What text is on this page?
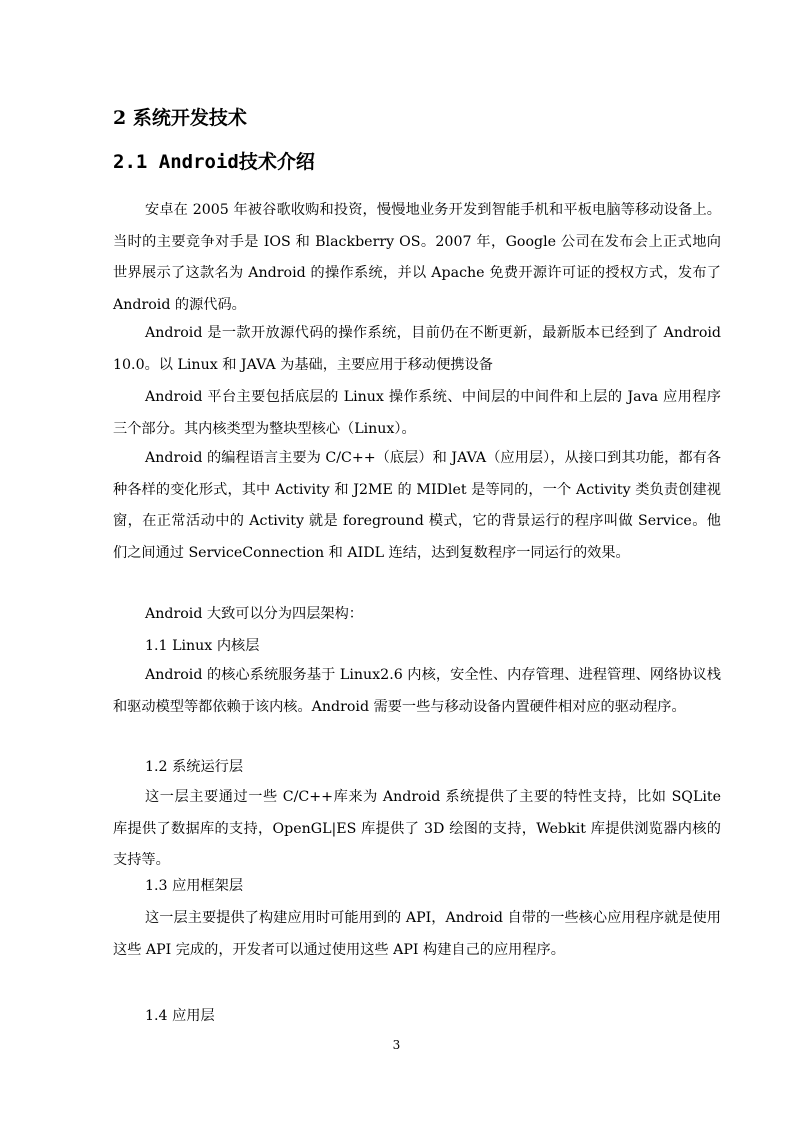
2 系统开发技术
2.1 Android技术介绍

安卓在 2005 年被谷歌收购和投资，慢慢地业务开发到智能手机和平板电脑等移动设备上。当时的主要竞争对手是 IOS 和 Blackberry OS。2007 年，Google 公司在发布会上正式地向世界展示了这款名为 Android 的操作系统，并以 Apache 免费开源许可证的授权方式，发布了 Android 的源代码。

Android 是一款开放源代码的操作系统，目前仍在不断更新，最新版本已经到了 Android 10.0。以 Linux 和 JAVA 为基础，主要应用于移动便携设备

Android 平台主要包括底层的 Linux 操作系统、中间层的中间件和上层的 Java 应用程序三个部分。其内核类型为整块型核心（Linux）。

Android 的编程语言主要为 C/C++（底层）和 JAVA（应用层），从接口到其功能，都有各种各样的变化形式，其中 Activity 和 J2ME 的 MIDlet 是等同的，一个 Activity 类负责创建视窗，在正常活动中的 Activity 就是 foreground 模式，它的背景运行的程序叫做 Service。他们之间通过 ServiceConnection 和 AIDL 连结，达到复数程序一同运行的效果。

Android 大致可以分为四层架构：

1.1 Linux 内核层

Android 的核心系统服务基于 Linux2.6 内核，安全性、内存管理、进程管理、网络协议栈和驱动模型等都依赖于该内核。Android 需要一些与移动设备内置硬件相对应的驱动程序。

1.2 系统运行层

这一层主要通过一些 C/C++库来为 Android 系统提供了主要的特性支持，比如 SQLite 库提供了数据库的支持，OpenGL|ES 库提供了 3D 绘图的支持，Webkit 库提供浏览器内核的支持等。

1.3 应用框架层

这一层主要提供了构建应用时可能用到的 API，Android 自带的一些核心应用程序就是使用这些 API 完成的，开发者可以通过使用这些 API 构建自己的应用程序。

1.4 应用层
3
